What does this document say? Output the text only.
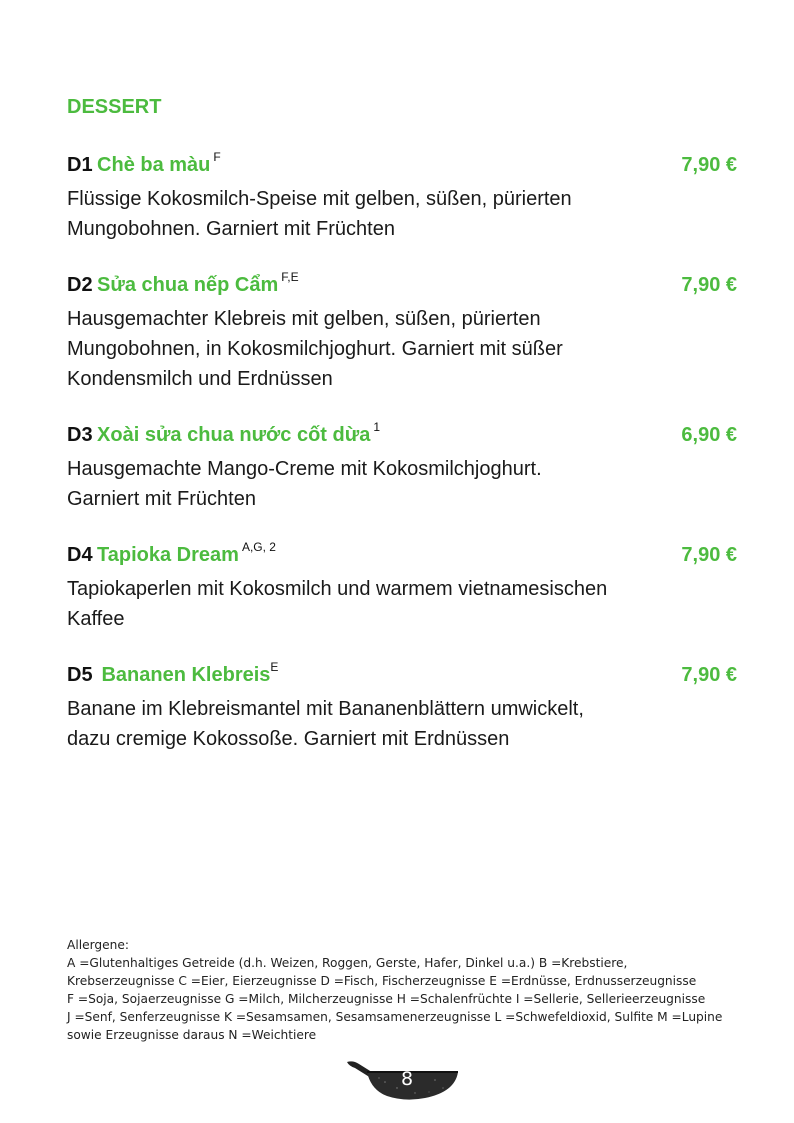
DESSERT
D1 Chè ba màu $^F$	7,90 €

Flüssige Kokosmilch-Speise mit gelben, süßen, pürierten
Mungobohnen. Garniert mit Früchten

D2 Sửa chua nếp Cẩm $^{F,E}$	7,90 €

Hausgemachter Klebreis mit gelben, süßen, pürierten
Mungobohnen, in Kokosmilchjoghurt. Garniert mit süßer
Kondensmilch und Erdnüssen

D3 Xoài sửa chua nước cốt dừa $^1$	6,90 €

Hausgemachte Mango-Creme mit Kokosmilchjoghurt.
Garniert mit Früchten

D4 Tapioka Dream $^{A,G, 2}$	7,90 €

Tapiokaperlen mit Kokosmilch und warmem vietnamesischen
Kaffee

D5 Bananen Klebreis$^E$	7,90 €

Banane im Klebreismantel mit Bananenblättern umwickelt,
dazu cremige Kokossoße. Garniert mit Erdnüssen

Allergene:
A =Glutenhaltiges Getreide (d.h. Weizen, Roggen, Gerste, Hafer, Dinkel u.a.) B =Krebstiere,
Krebserzeugnisse C =Eier, Eierzeugnisse D =Fisch, Fischerzeugnisse E =Erdnüsse, Erdnusserzeugnisse
F =Soja, Sojaerzeugnisse G =Milch, Milcherzeugnisse H =Schalenfrüchte I =Sellerie, Sellerieerzeugnisse
J =Senf, Senferzeugnisse K =Sesamsamen, Sesamsamenerzeugnisse L =Schwefeldioxid, Sulfite M =Lupine
sowie Erzeugnisse daraus N =Weichtiere
8
